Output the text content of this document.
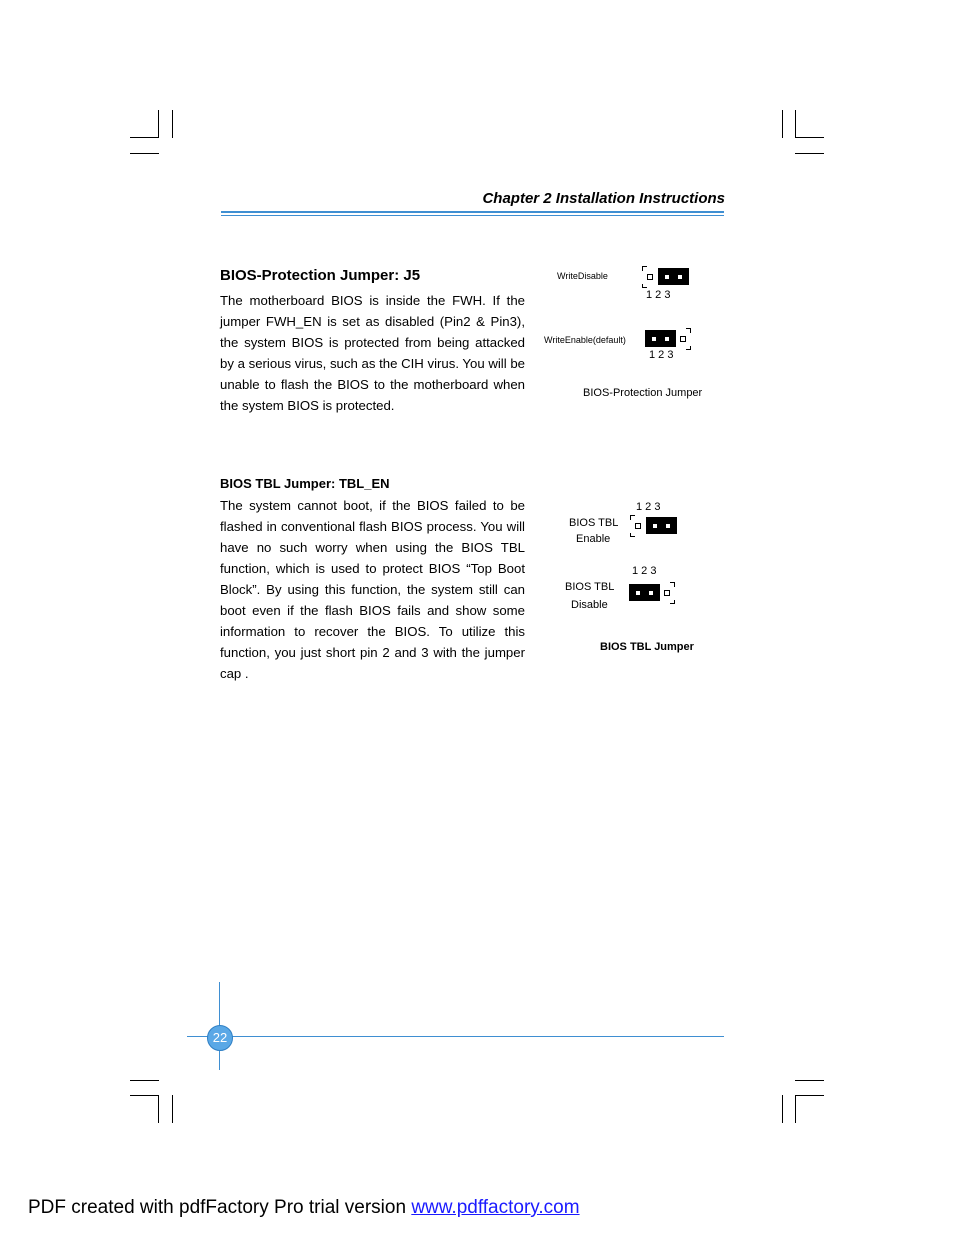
Chapter 2 Installation Instructions
BIOS-Protection Jumper: J5

The motherboard BIOS is inside the FWH. If the jumper FWH_EN is set as disabled (Pin2 & Pin3), the system BIOS is protected from being attacked by a serious virus, such as the CIH virus. You will be unable to flash the BIOS to the motherboard when the system BIOS is protected.

WriteDisable
1 2 3
WriteEnable(default)
1 2 3
BIOS-Protection Jumper
BIOS TBL Jumper: TBL_EN

The system cannot boot, if the BIOS failed to be flashed in conventional flash BIOS process. You will have no such worry when using the BIOS TBL function, which is used to protect BIOS “Top Boot Block”. By using this function, the system still can boot even if the flash BIOS fails and show some information to recover the BIOS. To utilize this function, you just short pin 2 and 3 with the jumper cap .

1 2 3
BIOS TBL
Enable
1 2 3
BIOS TBL
Disable
BIOS TBL Jumper
22
PDF created with pdfFactory Pro trial version www.pdffactory.com
